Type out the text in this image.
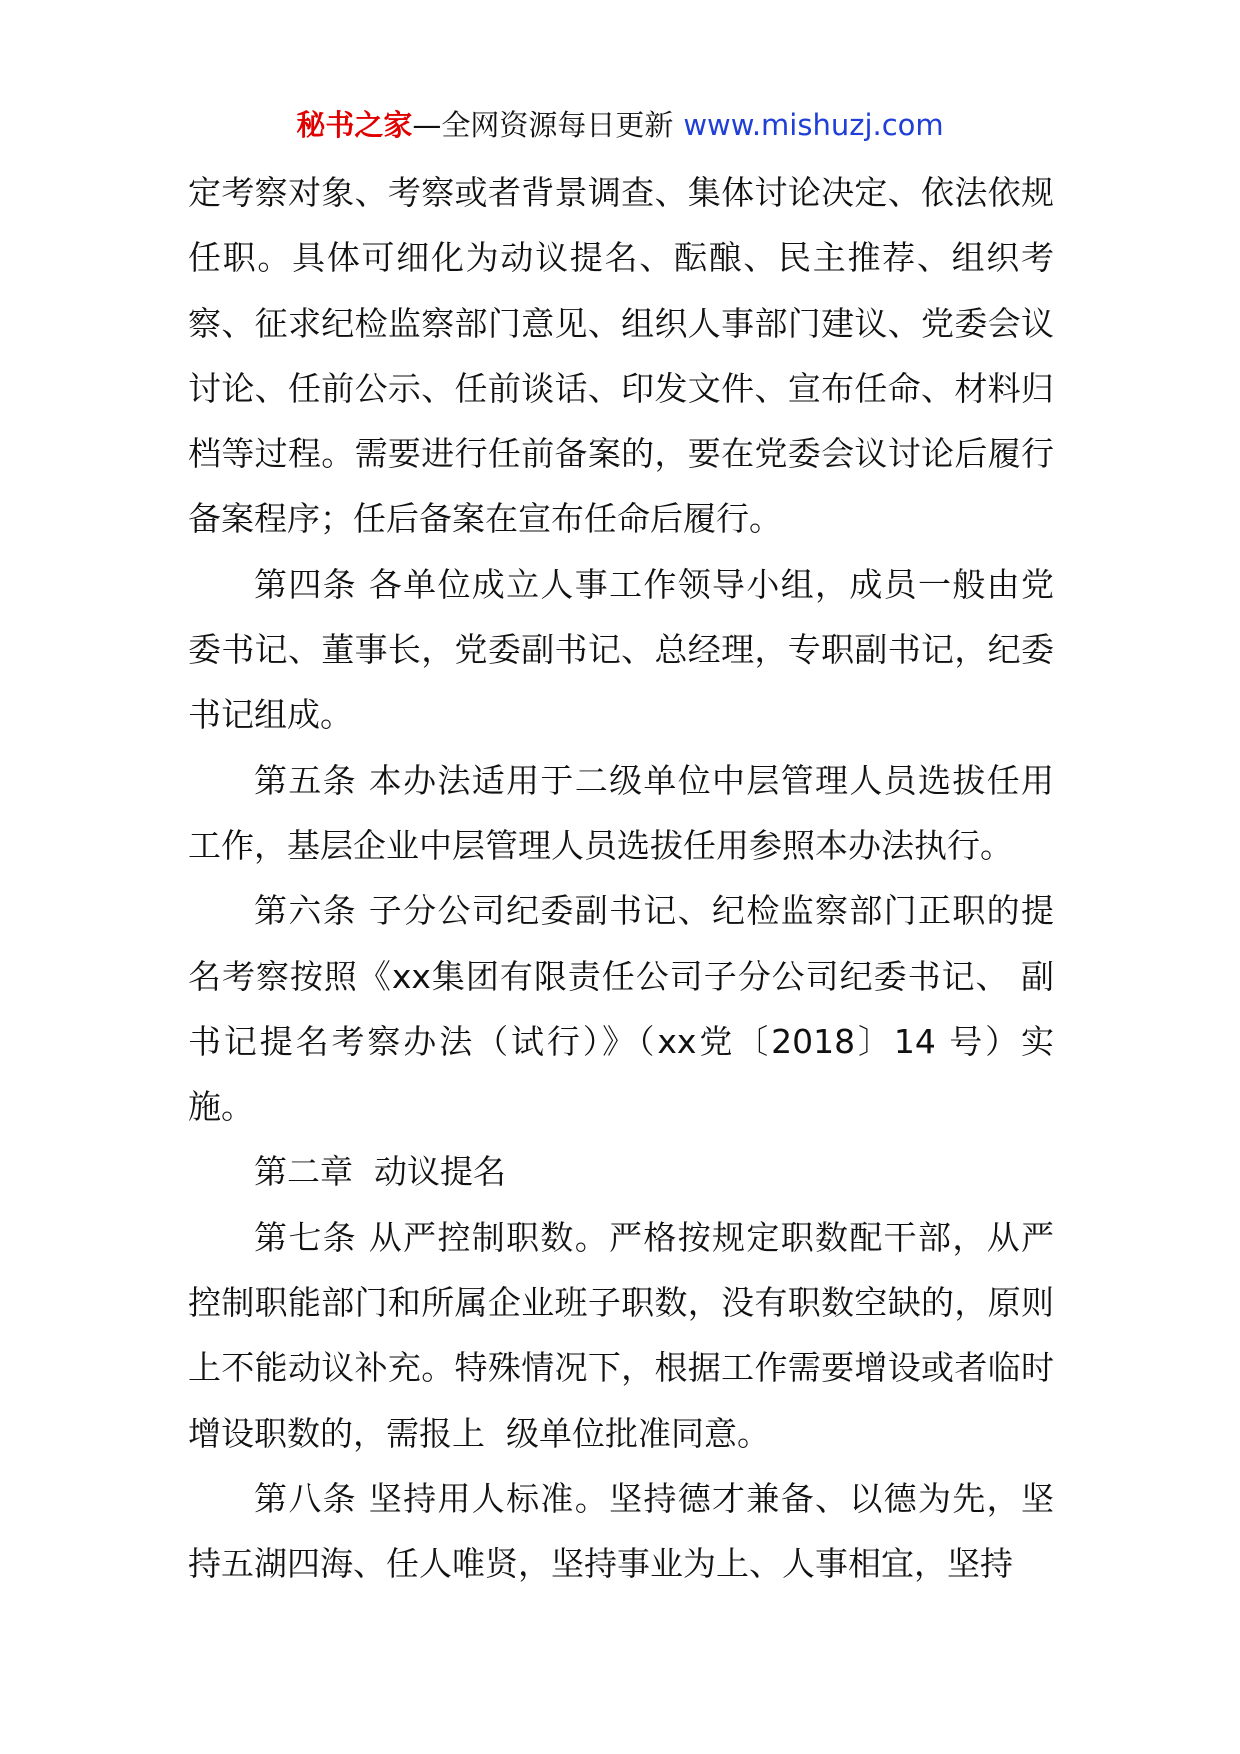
秘书之家—全网资源每日更新 www.mishuzj.com

定考察对象、考察或者背景调查、集体讨论决定、依法依规任职。具体可细化为动议提名、酝酿、民主推荐、组织考察、征求纪检监察部门意见、组织人事部门建议、党委会议讨论、任前公示、任前谈话、印发文件、宣布任命、材料归档等过程。需要进行任前备案的，要在党委会议讨论后履行备案程序；任后备案在宣布任命后履行。

第四条 各单位成立人事工作领导小组，成员一般由党委书记、董事长，党委副书记、总经理，专职副书记，纪委书记组成。

第五条 本办法适用于二级单位中层管理人员选拔任用工作，基层企业中层管理人员选拔任用参照本办法执行。

第六条 子分公司纪委副书记、纪检监察部门正职的提名考察按照《xx集团有限责任公司子分公司纪委书记、 副书记提名考察办法（试行）》（xx党〔2018〕14 号）实施。

第二章  动议提名

第七条 从严控制职数。严格按规定职数配干部，从严控制职能部门和所属企业班子职数，没有职数空缺的，原则上不能动议补充。特殊情况下，根据工作需要增设或者临时增设职数的，需报上  级单位批准同意。

第八条 坚持用人标准。坚持德才兼备、以德为先，坚持五湖四海、任人唯贤，坚持事业为上、人事相宜，坚持
